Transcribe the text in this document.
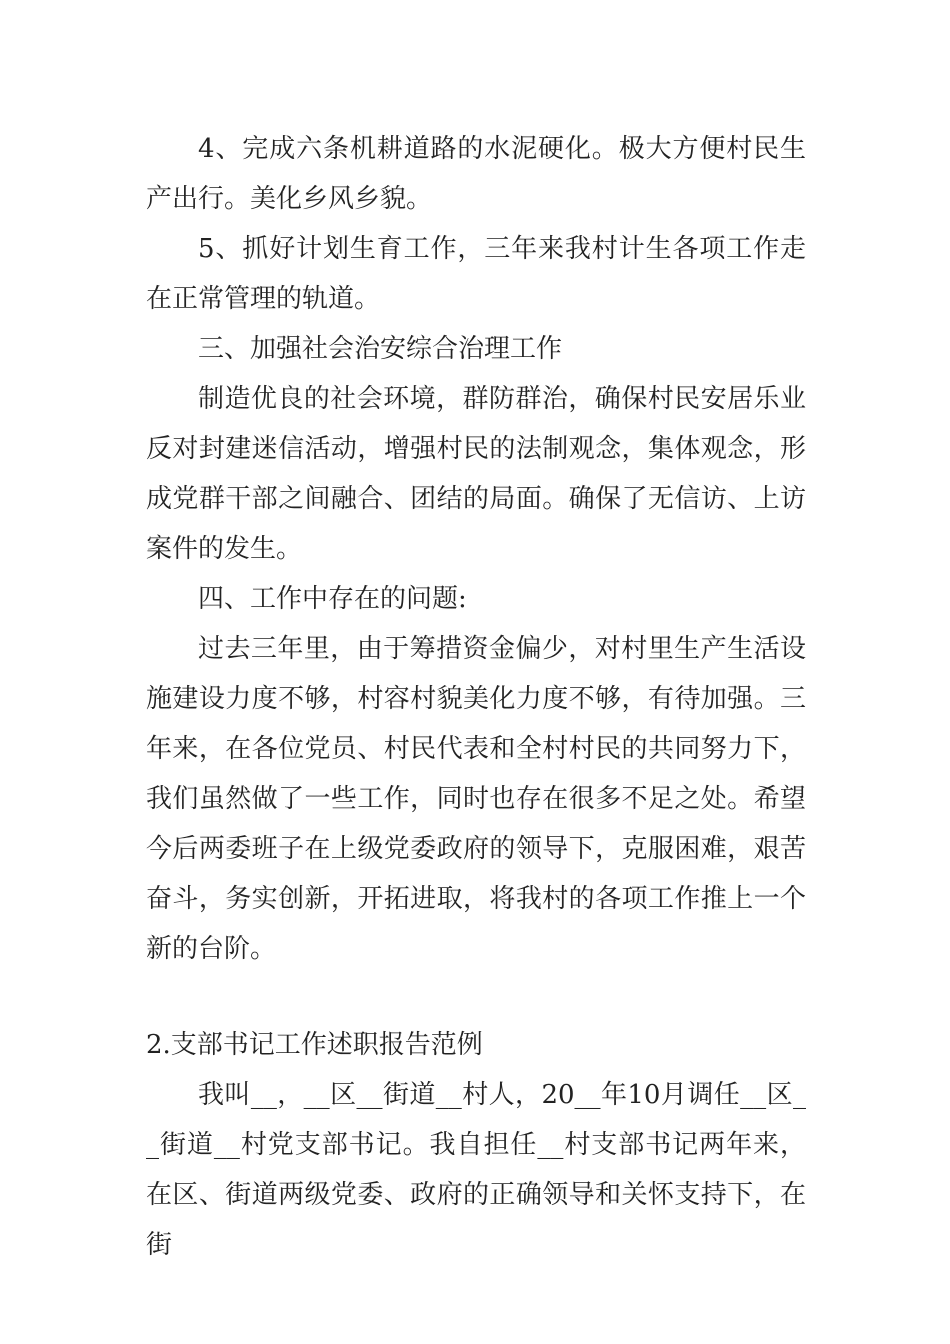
4、完成六条机耕道路的水泥硬化。极大方便村民生产出行。美化乡风乡貌。

5、抓好计划生育工作，三年来我村计生各项工作走在正常管理的轨道。

三、加强社会治安综合治理工作

制造优良的社会环境，群防群治，确保村民安居乐业反对封建迷信活动，增强村民的法制观念，集体观念，形成党群干部之间融合、团结的局面。确保了无信访、上访案件的发生。

四、工作中存在的问题:

过去三年里，由于筹措资金偏少，对村里生产生活设施建设力度不够，村容村貌美化力度不够，有待加强。三年来，在各位党员、村民代表和全村村民的共同努力下，我们虽然做了一些工作，同时也存在很多不足之处。希望今后两委班子在上级党委政府的领导下，克服困难，艰苦奋斗，务实创新，开拓进取，将我村的各项工作推上一个新的台阶。

2.支部书记工作述职报告范例

我叫__，__区__街道__村人，20__年10月调任__区__街道__村党支部书记。我自担任__村支部书记两年来，在区、街道两级党委、政府的正确领导和关怀支持下，在街
